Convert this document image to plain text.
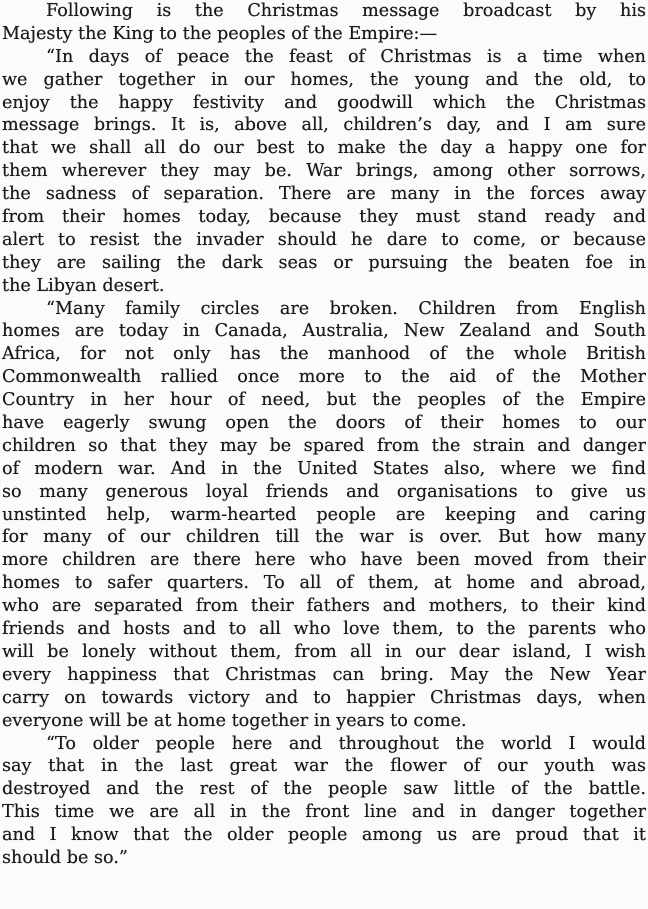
Following is the Christmas message broadcast by his
Majesty the King to the peoples of the Empire:—
“In days of peace the feast of Christmas is a time when
we gather together in our homes, the young and the old, to
enjoy the happy festivity and goodwill which the Christmas
message brings. It is, above all, children’s day, and I am sure
that we shall all do our best to make the day a happy one for
them wherever they may be. War brings, among other sorrows,
the sadness of separation. There are many in the forces away
from their homes today, because they must stand ready and
alert to resist the invader should he dare to come, or because
they are sailing the dark seas or pursuing the beaten foe in
the Libyan desert.
“Many family circles are broken. Children from English
homes are today in Canada, Australia, New Zealand and South
Africa, for not only has the manhood of the whole British
Commonwealth rallied once more to the aid of the Mother
Country in her hour of need, but the peoples of the Empire
have eagerly swung open the doors of their homes to our
children so that they may be spared from the strain and danger
of modern war. And in the United States also, where we find
so many generous loyal friends and organisations to give us
unstinted help, warm-hearted people are keeping and caring
for many of our children till the war is over. But how many
more children are there here who have been moved from their
homes to safer quarters. To all of them, at home and abroad,
who are separated from their fathers and mothers, to their kind
friends and hosts and to all who love them, to the parents who
will be lonely without them, from all in our dear island, I wish
every happiness that Christmas can bring. May the New Year
carry on towards victory and to happier Christmas days, when
everyone will be at home together in years to come.
“To older people here and throughout the world I would
say that in the last great war the flower of our youth was
destroyed and the rest of the people saw little of the battle.
This time we are all in the front line and in danger together
and I know that the older people among us are proud that it
should be so.”
